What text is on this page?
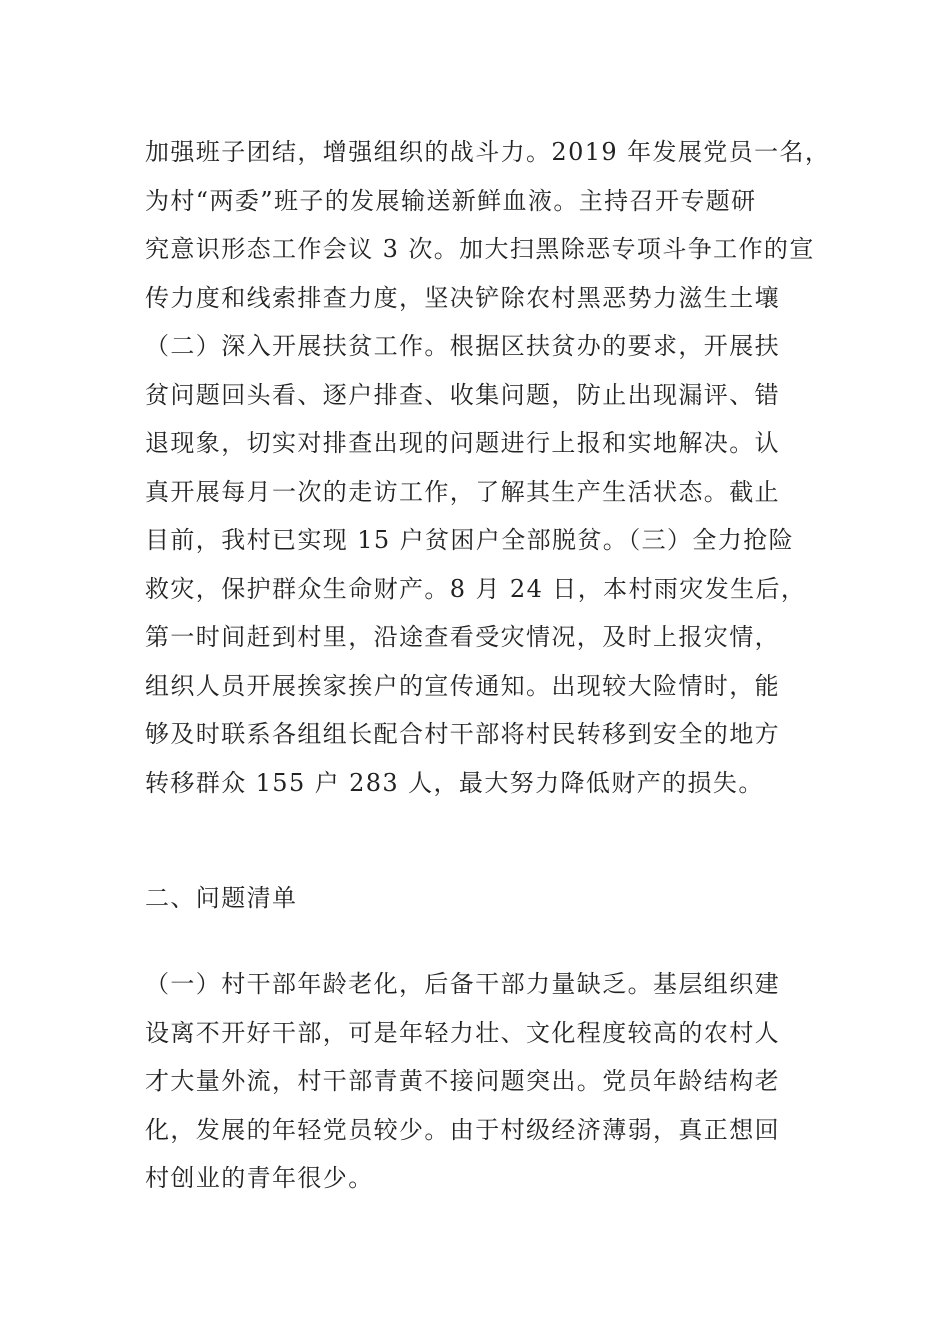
加强班子团结，增强组织的战斗力。2019 年发展党员一名，
为村“两委”班子的发展输送新鲜血液。主持召开专题研
究意识形态工作会议 3 次。加大扫黑除恶专项斗争工作的宣
传力度和线索排查力度，坚决铲除农村黑恶势力滋生土壤
（二）深入开展扶贫工作。根据区扶贫办的要求，开展扶
贫问题回头看、逐户排查、收集问题，防止出现漏评、错
退现象，切实对排查出现的问题进行上报和实地解决。认
真开展每月一次的走访工作，了解其生产生活状态。截止
目前，我村已实现 15 户贫困户全部脱贫。（三）全力抢险
救灾，保护群众生命财产。8 月 24 日，本村雨灾发生后，
第一时间赶到村里，沿途查看受灾情况，及时上报灾情，
组织人员开展挨家挨户的宣传通知。出现较大险情时，能
够及时联系各组组长配合村干部将村民转移到安全的地方
转移群众 155 户 283 人，最大努力降低财产的损失。
二、问题清单
（一）村干部年龄老化，后备干部力量缺乏。基层组织建
设离不开好干部，可是年轻力壮、文化程度较高的农村人
才大量外流，村干部青黄不接问题突出。党员年龄结构老
化，发展的年轻党员较少。由于村级经济薄弱，真正想回
村创业的青年很少。
